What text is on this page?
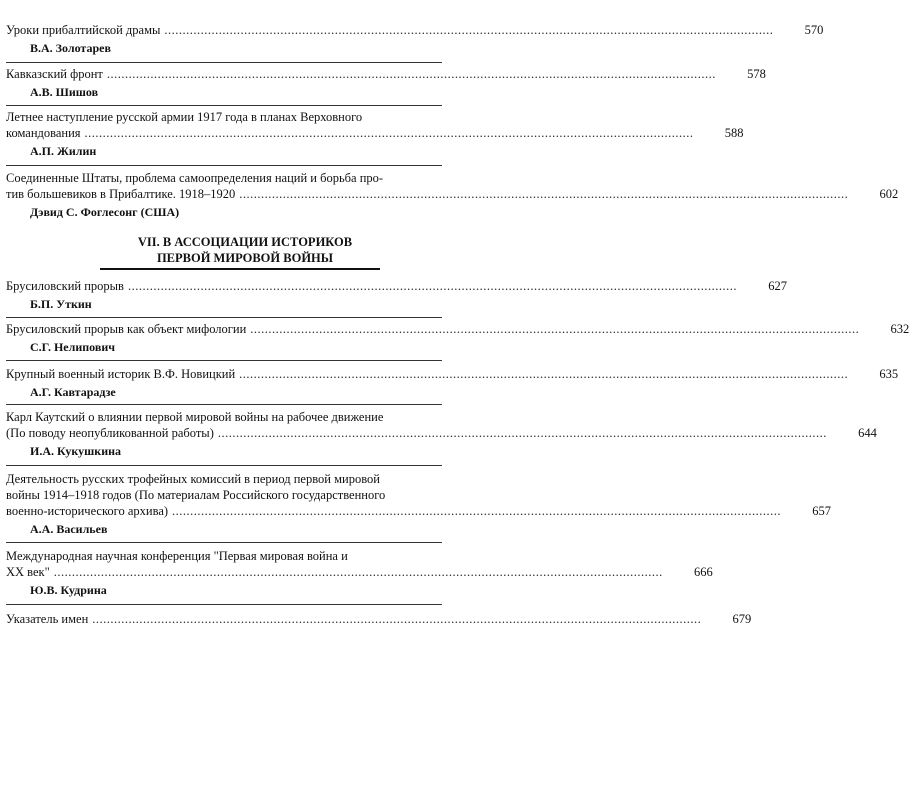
Уроки прибалтийской драмы ........................................................................................................................................................................	570
В.А. Золотарев
Кавказский фронт ........................................................................................................................................................................	578
А.В. Шишов
Летнее наступление русской армии 1917 года в планах Верховного
командования ........................................................................................................................................................................	588
А.П. Жилин
Соединенные Штаты, проблема самоопределения наций и борьба про-
тив большевиков в Прибалтике. 1918–1920 ........................................................................................................................................................................	602
Дэвид С. Фоглесонг (США)
VII. В АССОЦИАЦИИ ИСТОРИКОВ
ПЕРВОЙ МИРОВОЙ ВОЙНЫ
Брусиловский прорыв ........................................................................................................................................................................	627
Б.П. Уткин
Брусиловский прорыв как объект мифологии ........................................................................................................................................................................	632
С.Г. Нелипович
Крупный военный историк В.Ф. Новицкий ........................................................................................................................................................................	635
А.Г. Кавтарадзе
Карл Каутский о влиянии первой мировой войны на рабочее движение
(По поводу неопубликованной работы) ........................................................................................................................................................................	644
И.А. Кукушкина
Деятельность русских трофейных комиссий в период первой мировой
войны 1914–1918 годов (По материалам Российского государственного
военно-исторического архива) ........................................................................................................................................................................	657
А.А. Васильев
Международная научная конференция "Первая мировая война и
XX век" ........................................................................................................................................................................	666
Ю.В. Кудрина
Указатель имен ........................................................................................................................................................................	679
